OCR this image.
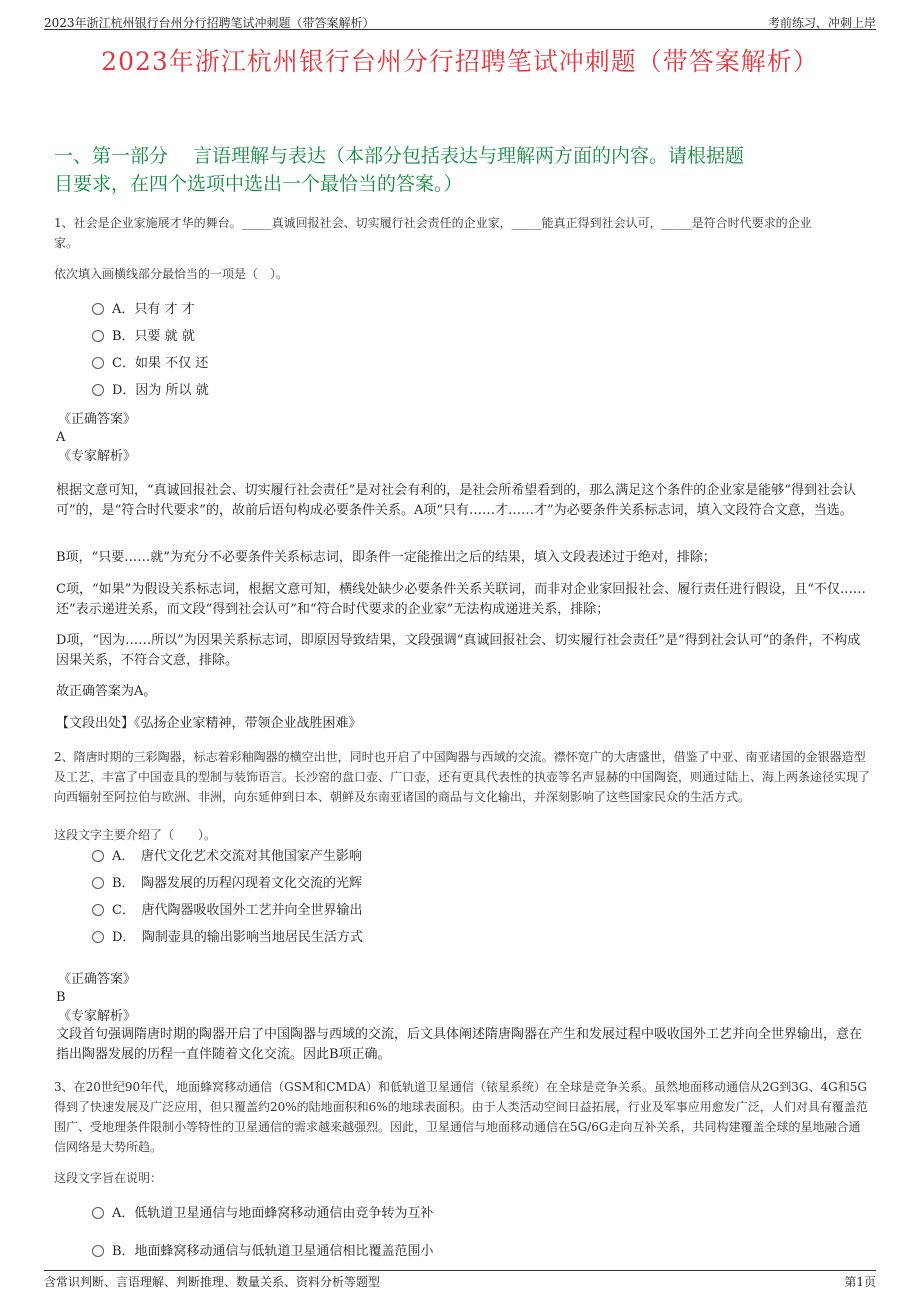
2023年浙江杭州银行台州分行招聘笔试冲刺题（带答案解析）	考前练习，冲刺上岸
2023年浙江杭州银行台州分行招聘笔试冲刺题（带答案解析）
一、第一部分　 言语理解与表达（本部分包括表达与理解两方面的内容。请根据题
目要求，在四个选项中选出一个最恰当的答案。）
1、社会是企业家施展才华的舞台。_____真诚回报社会、切实履行社会责任的企业家，_____能真正得到社会认可，_____是符合时代要求的企业
家。
依次填入画横线部分最恰当的一项是（　）。
A．只有 才 才
B．只要 就 就
C．如果 不仅 还
D．因为 所以 就
《正确答案》
A
《专家解析》
根据文意可知，“真诚回报社会、切实履行社会责任”是对社会有利的，是社会所希望看到的，那么满足这个条件的企业家是能够“得到社会认可”的，是“符合时代要求”的，故前后语句构成必要条件关系。A项“只有……才……才”为必要条件关系标志词，填入文段符合文意，当选。
B项，“只要……就”为充分不必要条件关系标志词，即条件一定能推出之后的结果，填入文段表述过于绝对，排除；
C项，“如果”为假设关系标志词，根据文意可知，横线处缺少必要条件关系关联词，而非对企业家回报社会、履行责任进行假设，且“不仅……还”表示递进关系，而文段“得到社会认可”和“符合时代要求的企业家”无法构成递进关系，排除；
D项，“因为……所以”为因果关系标志词，即原因导致结果，文段强调“真诚回报社会、切实履行社会责任”是“得到社会认可”的条件，不构成因果关系，不符合文意，排除。
故正确答案为A。
【文段出处】《弘扬企业家精神，带领企业战胜困难》
2、隋唐时期的三彩陶器，标志着彩釉陶器的横空出世，同时也开启了中国陶器与西域的交流。襟怀宽广的大唐盛世，借鉴了中亚、南亚诸国的金银器造型及工艺，丰富了中国壶具的型制与装饰语言。长沙窑的盘口壶、广口壶，还有更具代表性的执壶等名声显赫的中国陶瓷，则通过陆上、海上两条途径实现了向西辐射至阿拉伯与欧洲、非洲，向东延伸到日本、朝鲜及东南亚诸国的商品与文化输出，并深刻影响了这些国家民众的生活方式。
这段文字主要介绍了（　　）。
A．　唐代文化艺术交流对其他国家产生影响
B．　陶器发展的历程闪现着文化交流的光辉
C．　唐代陶器吸收国外工艺并向全世界输出
D．　陶制壶具的输出影响当地居民生活方式
《正确答案》
B
《专家解析》
文段首句强调隋唐时期的陶器开启了中国陶器与西域的交流，后文具体阐述隋唐陶器在产生和发展过程中吸收国外工艺并向全世界输出，意在指出陶器发展的历程一直伴随着文化交流。因此B项正确。
3、在20世纪90年代，地面蜂窝移动通信（GSM和CMDA）和低轨道卫星通信（铱星系统）在全球是竞争关系。虽然地面移动通信从2G到3G、4G和5G得到了快速发展及广泛应用，但只覆盖约20%的陆地面积和6%的地球表面积。由于人类活动空间日益拓展，行业及军事应用愈发广泛，人们对具有覆盖范围广、受地理条件限制小等特性的卫星通信的需求越来越强烈。因此，卫星通信与地面移动通信在5G/6G走向互补关系，共同构建覆盖全球的星地融合通信网络是大势所趋。
这段文字旨在说明：
A．低轨道卫星通信与地面蜂窝移动通信由竞争转为互补
B．地面蜂窝移动通信与低轨道卫星通信相比覆盖范围小
含常识判断、言语理解、判断推理、数量关系、资料分析等题型	第1页
